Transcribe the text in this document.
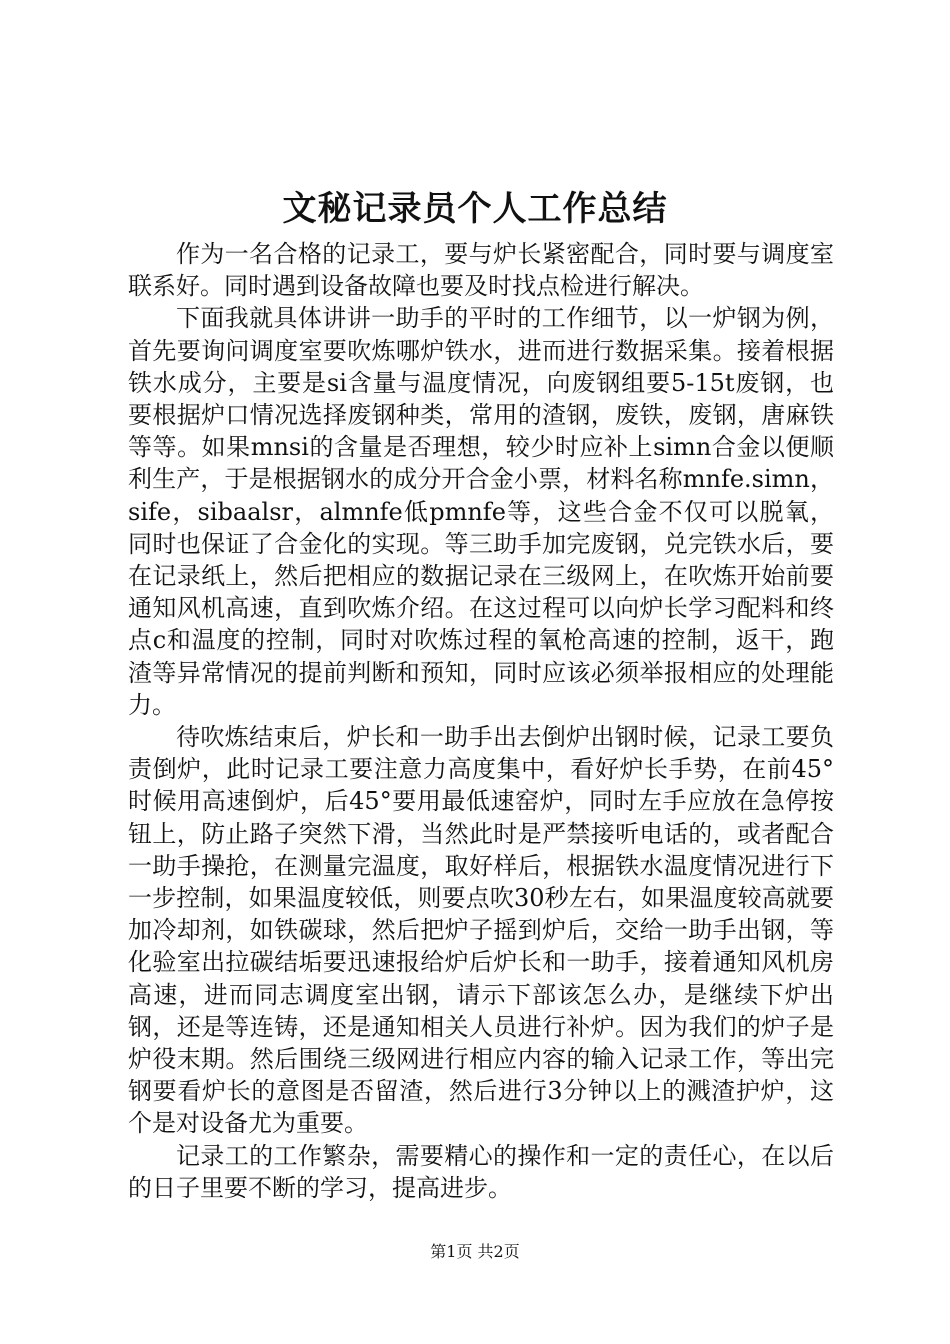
文秘记录员个人工作总结

作为一名合格的记录工，要与炉长紧密配合，同时要与调度室联系好。同时遇到设备故障也要及时找点检进行解决。

下面我就具体讲讲一助手的平时的工作细节，以一炉钢为例，首先要询问调度室要吹炼哪炉铁水，进而进行数据采集。接着根据铁水成分，主要是si含量与温度情况，向废钢组要5-15t废钢，也要根据炉口情况选择废钢种类，常用的渣钢，废铁，废钢，唐麻铁等等。如果mnsi的含量是否理想，较少时应补上simn合金以便顺利生产，于是根据钢水的成分开合金小票，材料名称mnfe.simn，sife，sibaalsr，almnfe低pmnfe等，这些合金不仅可以脱氧，同时也保证了合金化的实现。等三助手加完废钢，兑完铁水后，要在记录纸上，然后把相应的数据记录在三级网上，在吹炼开始前要通知风机高速，直到吹炼介绍。在这过程可以向炉长学习配料和终点c和温度的控制，同时对吹炼过程的氧枪高速的控制，返干，跑渣等异常情况的提前判断和预知，同时应该必须举报相应的处理能力。

待吹炼结束后，炉长和一助手出去倒炉出钢时候，记录工要负责倒炉，此时记录工要注意力高度集中，看好炉长手势，在前45°时候用高速倒炉，后45°要用最低速窑炉，同时左手应放在急停按钮上，防止路子突然下滑，当然此时是严禁接听电话的，或者配合一助手操抢，在测量完温度，取好样后，根据铁水温度情况进行下一步控制，如果温度较低，则要点吹30秒左右，如果温度较高就要加冷却剂，如铁碳球，然后把炉子摇到炉后，交给一助手出钢，等化验室出拉碳结垢要迅速报给炉后炉长和一助手，接着通知风机房高速，进而同志调度室出钢，请示下部该怎么办，是继续下炉出钢，还是等连铸，还是通知相关人员进行补炉。因为我们的炉子是炉役末期。然后围绕三级网进行相应内容的输入记录工作，等出完钢要看炉长的意图是否留渣，然后进行3分钟以上的溅渣护炉，这个是对设备尤为重要。

记录工的工作繁杂，需要精心的操作和一定的责任心，在以后的日子里要不断的学习，提高进步。

第1页 共2页
